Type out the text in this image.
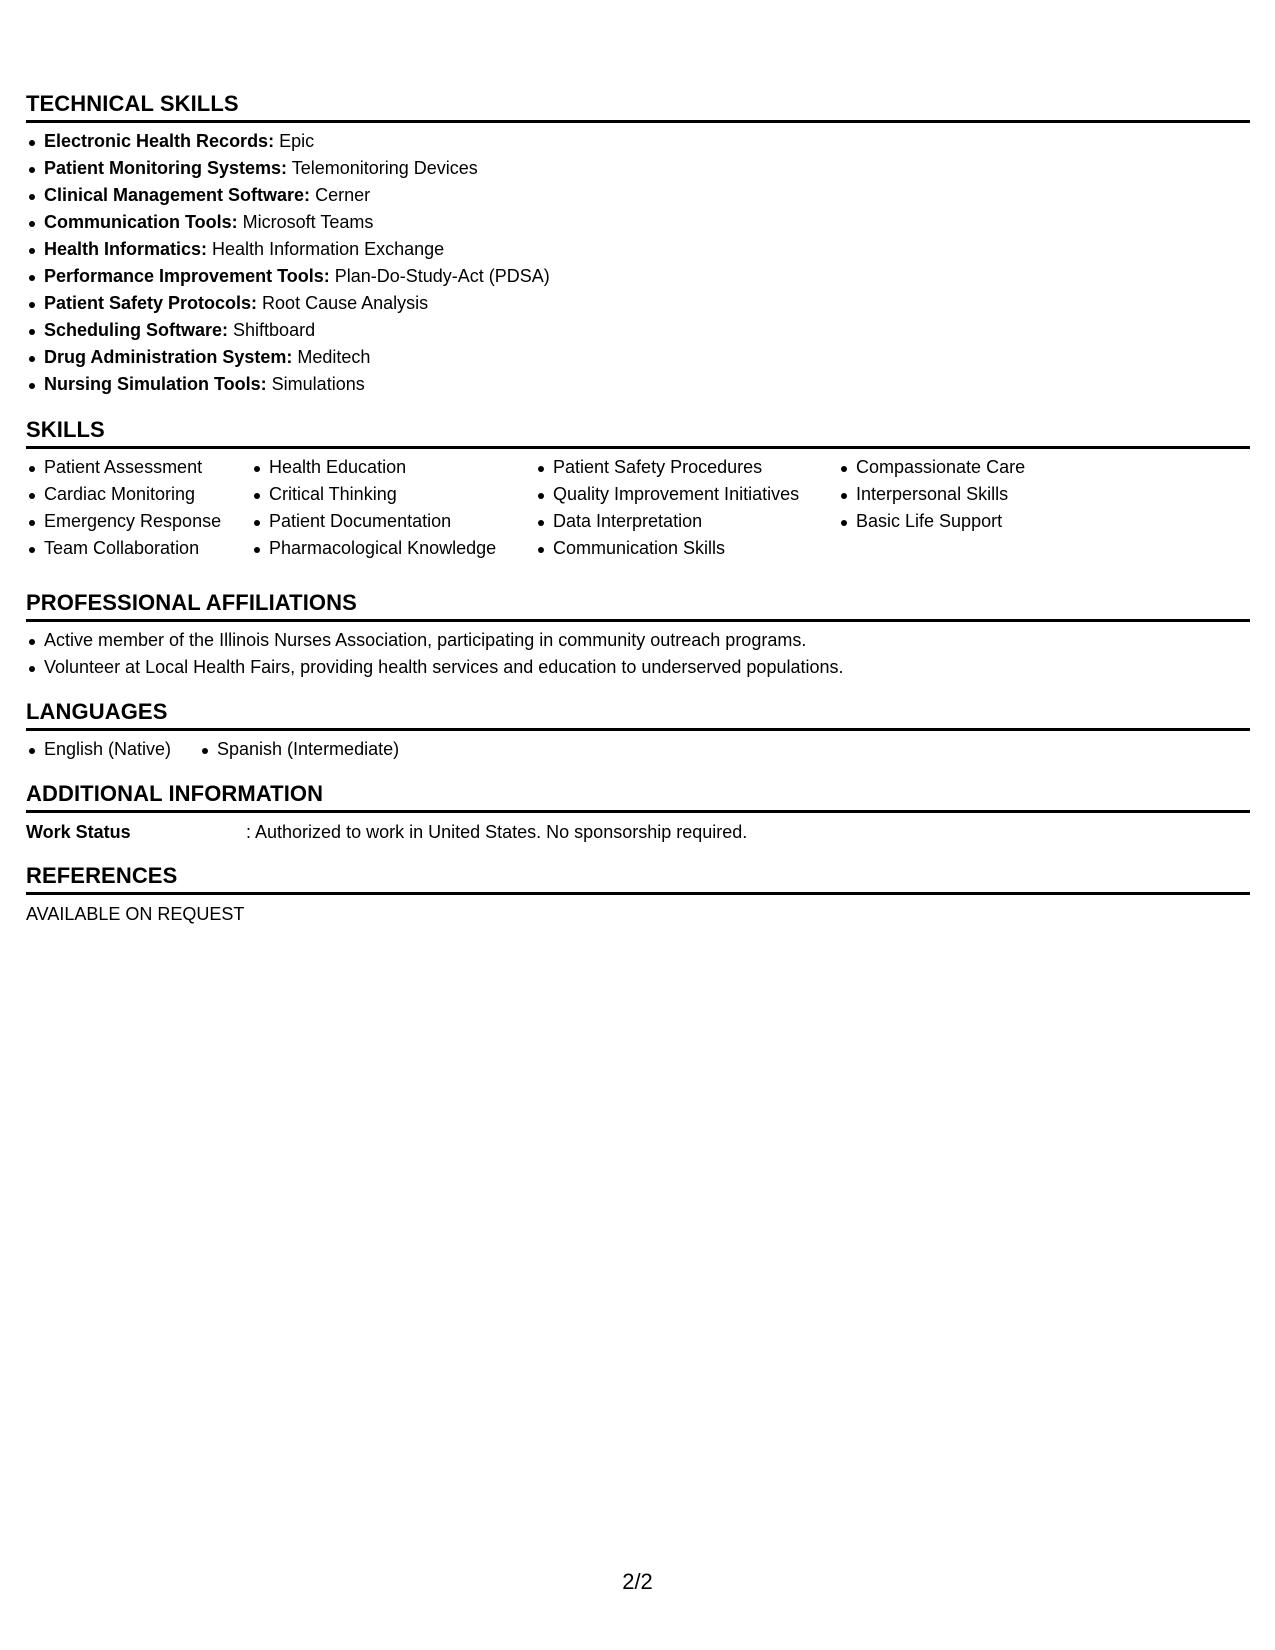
TECHNICAL SKILLS
Electronic Health Records: Epic
Patient Monitoring Systems: Telemonitoring Devices
Clinical Management Software: Cerner
Communication Tools: Microsoft Teams
Health Informatics: Health Information Exchange
Performance Improvement Tools: Plan-Do-Study-Act (PDSA)
Patient Safety Protocols: Root Cause Analysis
Scheduling Software: Shiftboard
Drug Administration System: Meditech
Nursing Simulation Tools: Simulations
SKILLS
Patient Assessment
Cardiac Monitoring
Emergency Response
Team Collaboration
Health Education
Critical Thinking
Patient Documentation
Pharmacological Knowledge
Patient Safety Procedures
Quality Improvement Initiatives
Data Interpretation
Communication Skills
Compassionate Care
Interpersonal Skills
Basic Life Support
PROFESSIONAL AFFILIATIONS
Active member of the Illinois Nurses Association, participating in community outreach programs.
Volunteer at Local Health Fairs, providing health services and education to underserved populations.
LANGUAGES
English (Native)	Spanish (Intermediate)
ADDITIONAL INFORMATION
Work Status	: Authorized to work in United States. No sponsorship required.
REFERENCES
AVAILABLE ON REQUEST
2/2
